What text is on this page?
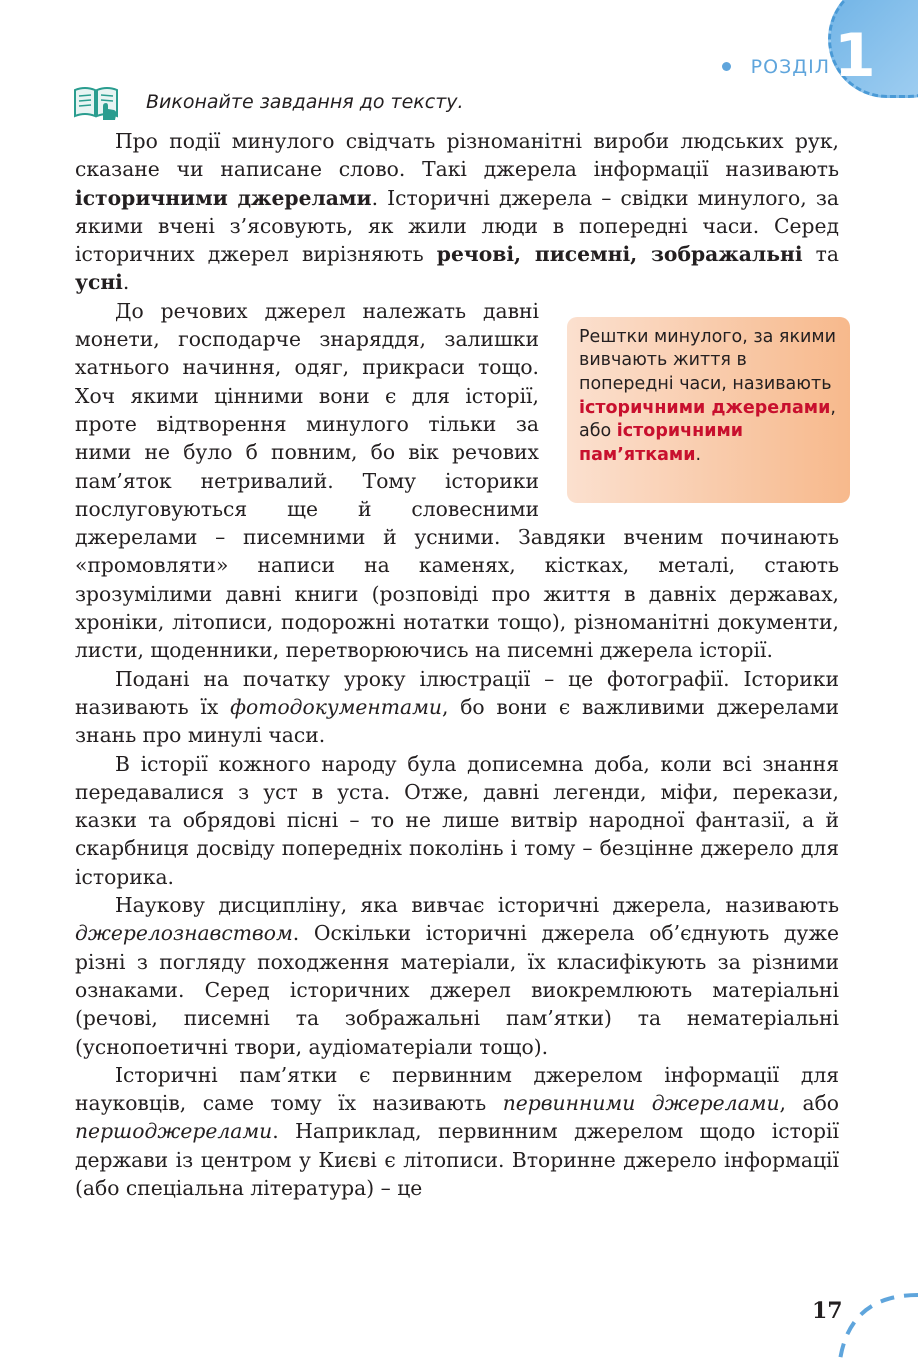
РОЗДІЛ 1
Виконайте завдання до тексту.

Про події минулого свідчать різноманітні вироби людських рук, сказане чи написане слово. Такі джерела інформації називають історичними джерелами. Історичні джерела – свідки минулого, за якими вчені з’ясовують, як жили люди в попередні часи. Серед історичних джерел вирізняють речові, писемні, зображальні та усні.

Рештки минулого, за якими вивчають життя в попередні часи, називають історичними джерелами, або історичними пам’ятками.

До речових джерел належать давні монети, господарче знаряддя, залишки хатнього начиння, одяг, прикраси тощо. Хоч якими цінними вони є для історії, проте відтворення минулого тільки за ними не було б повним, бо вік речових пам’яток нетривалий. Тому історики послуговуються ще й словесними джерелами – писемними й усними. Завдяки вченим починають «промовляти» написи на каменях, кістках, металі, стають зрозумілими давні книги (розповіді про життя в давніх державах, хроніки, літописи, подорожні нотатки тощо), різноманітні документи, листи, щоденники, перетворюючись на писемні джерела історії.

Подані на початку уроку ілюстрації – це фотографії. Історики називають їх фотодокументами, бо вони є важливими джерелами знань про минулі часи.

В історії кожного народу була дописемна доба, коли всі знання передавалися з уст в уста. Отже, давні легенди, міфи, перекази, казки та обрядові пісні – то не лише витвір народної фантазії, а й скарбниця досвіду попередніх поколінь і тому – безцінне джерело для історика.

Наукову дисципліну, яка вивчає історичні джерела, називають джерелознавством. Оскільки історичні джерела об’єднують дуже різні з погляду походження матеріали, їх класифікують за різними ознаками. Серед історичних джерел виокремлюють матеріальні (речові, писемні та зображальні пам’ятки) та нематеріальні (уснопоетичні твори, аудіоматеріали тощо).

Історичні пам’ятки є первинним джерелом інформації для науковців, саме тому їх називають первинними джерелами, або першоджерелами. Наприклад, первинним джерелом щодо історії держави із центром у Києві є літописи. Вторинне джерело інформації (або спеціальна література) – це

17
